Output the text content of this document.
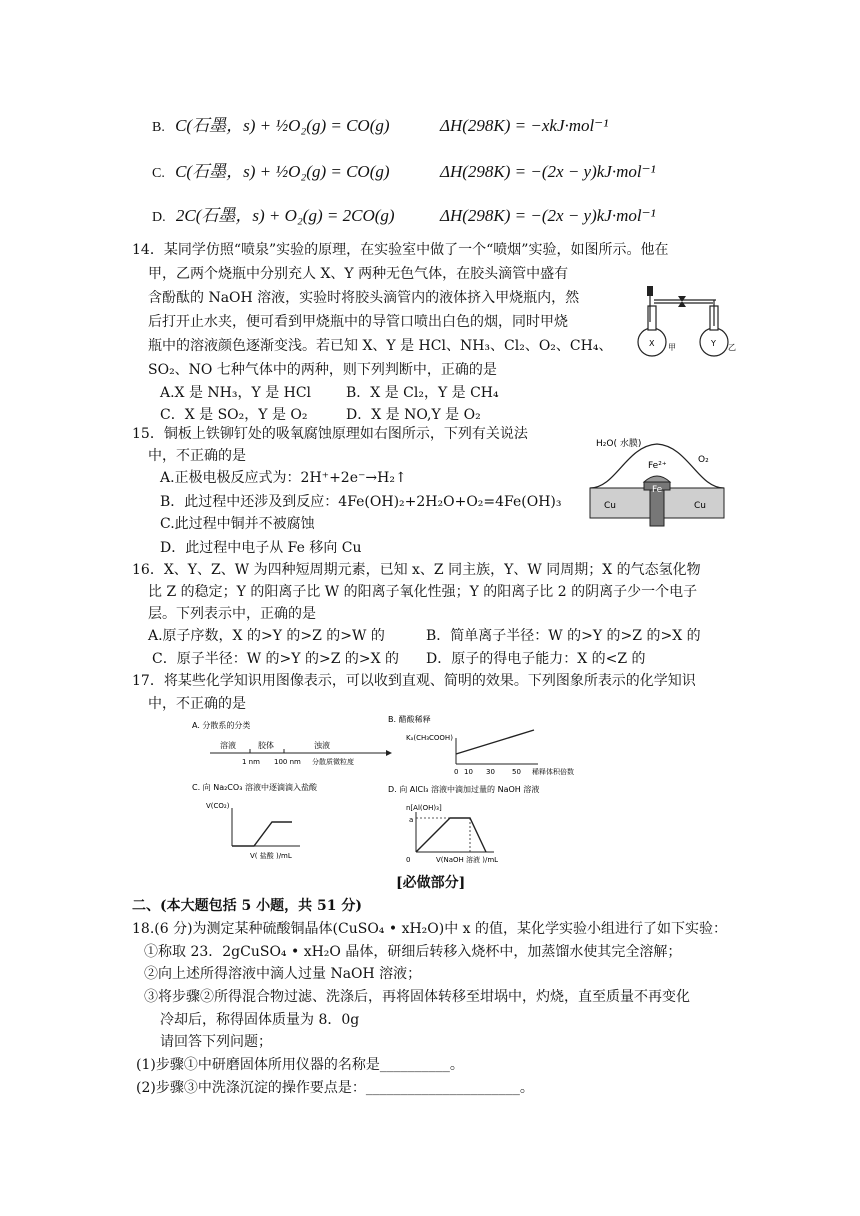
B. C(石墨，s) + ½O₂(g) = CO(g)	ΔH(298K) = −xkJ·mol⁻¹
C. C(石墨，s) + ½O₂(g) = CO(g)	ΔH(298K) = −(2x − y)kJ·mol⁻¹
D. 2C(石墨，s) + O₂(g) = 2CO(g)	ΔH(298K) = −(2x − y)kJ·mol⁻¹
14．某同学仿照“喷泉”实验的原理，在实验室中做了一个“喷烟”实验，如图所示。他在
甲，乙两个烧瓶中分别充人 X、Y 两种无色气体，在胶头滴管中盛有
含酚酞的 NaOH 溶液，实验时将胶头滴管内的液体挤入甲烧瓶内，然
后打开止水夹，便可看到甲烧瓶中的导管口喷出白色的烟，同时甲烧
瓶中的溶液颜色逐渐变浅。若已知 X、Y 是 HCl、NH₃、Cl₂、O₂、CH₄、
SO₂、NO 七种气体中的两种，则下列判断中，正确的是
A.X 是 NH₃，Y 是 HCl B．X 是 Cl₂，Y 是 CH₄
C．X 是 SO₂，Y 是 O₂	D．X 是 NO,Y 是 O₂
X 甲	Y 乙
15．铜板上铁铆钉处的吸氧腐蚀原理如右图所示，下列有关说法
中，不正确的是
A.正极电极反应式为：2H⁺+2e⁻→H₂↑
B．此过程中还涉及到反应：4Fe(OH)₂+2H₂O+O₂=4Fe(OH)₃
C.此过程中铜并不被腐蚀
D．此过程中电子从 Fe 移向 Cu
H₂O( 水膜)
Fe²⁺
O₂
Fe
Cu	Cu
16．X、Y、Z、W 为四种短周期元素，已知 x、Z 同主族，Y、W 同周期；X 的气态氢化物
比 Z 的稳定；Y 的阳离子比 W 的阳离子氧化性强；Y 的阳离子比 2 的阴离子少一个电子
层。下列表示中，正确的是
A.原子序数，X 的>Y 的>Z 的>W 的	B．简单离子半径：W 的>Y 的>Z 的>X 的
C．原子半径：W 的>Y 的>Z 的>X 的 D．原子的得电子能力：X 的<Z 的
17．将某些化学知识用图像表示，可以收到直观、简明的效果。下列图象所表示的化学知识
中，不正确的是
A. 分散系的分类
溶液	胶体	浊液
1 nm 100 nm 分散质微粒度
B. 醋酸稀释
Kₐ(CH₃COOH)
0 10 30 50 稀释体积倍数
C. 向 Na₂CO₃ 溶液中逐滴滴入盐酸
V(CO₂)
V( 盐酸 )/mL
D. 向 AlCl₃ 溶液中滴加过量的 NaOH 溶液
n[Al(OH)₃]
a
0	V(NaOH 溶液 )/mL
[必做部分]
二、(本大题包括 5 小题，共 51 分)
18.(6 分)为测定某种硫酸铜晶体(CuSO₄ • xH₂O)中 x 的值，某化学实验小组进行了如下实验：
①称取 23．2gCuSO₄ • xH₂O 晶体，研细后转移入烧杯中，加蒸馏水使其完全溶解；
②向上述所得溶液中滴人过量 NaOH 溶液；
③将步骤②所得混合物过滤、洗涤后，再将固体转移至坩埚中，灼烧，直至质量不再变化
冷却后，称得固体质量为 8．0g
请回答下列问题；
(1)步骤①中研磨固体所用仪器的名称是__________。
(2)步骤③中洗涤沉淀的操作要点是：______________________。
